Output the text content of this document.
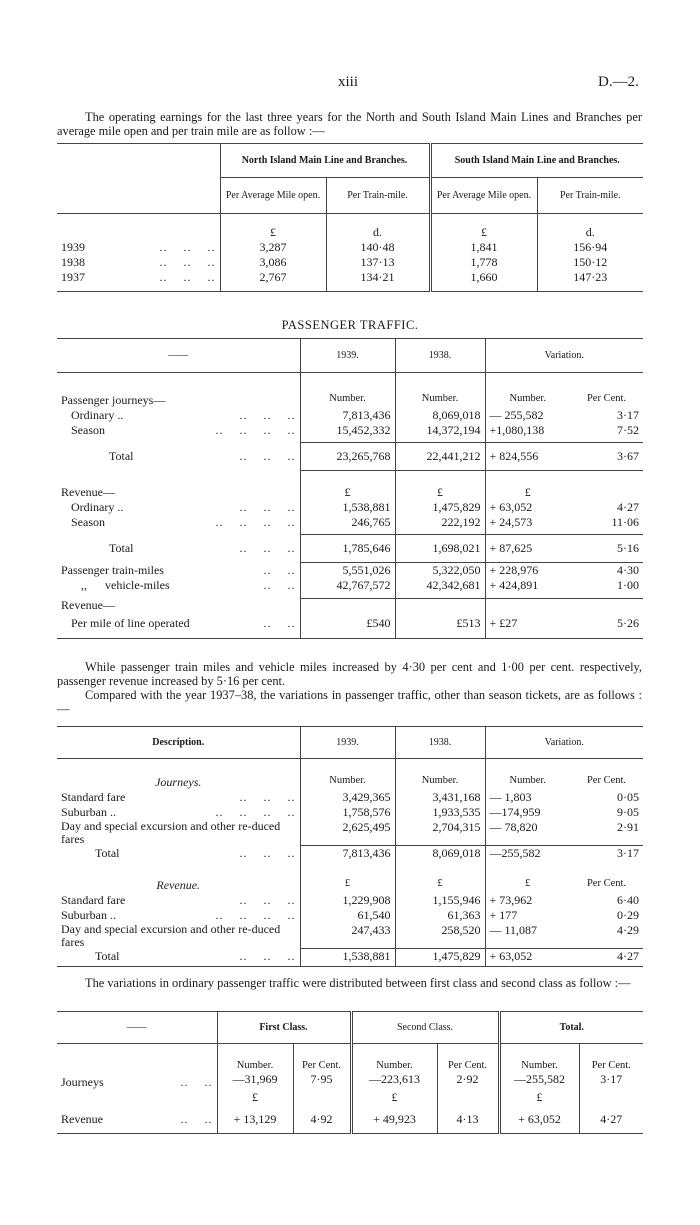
xiii	D.—2.

The operating earnings for the last three years for the North and South Island Main Lines and Branches per average mile open and per train mile are as follow :—

	North Island Main Line and Branches.		South Island Main Line and Branches.	
	Per Average Mile open.	Per Train-mile.	Per Average Mile open.	Per Train-mile.
	£	d.	£	d.
1939 ..    ..    ..	3,287	140·48	1,841	156·94
1938 ..    ..    ..	3,086	137·13	1,778	150·12
1937 ..    ..    ..	2,767	134·21	1,660	147·23
PASSENGER TRAFFIC.
——	1939.	1938.	Variation.	

Passenger journeys—	Number.	Number.	Number.	Per Cent.
Ordinary .. ..    ..    ..	7,813,436	8,069,018	— 255,582	3·17
Season ..    ..    ..    ..	15,452,332	14,372,194	+1,080,138	7·52
Total ..    ..    ..	23,265,768	22,441,212	+ 824,556	3·67

Revenue—	£	£	£	
Ordinary .. ..    ..    ..	1,538,881	1,475,829	+ 63,052	4·27
Season ..    ..    ..    ..	246,765	222,192	+ 24,573	11·06
Total ..    ..    ..	1,785,646	1,698,021	+ 87,625	5·16
Passenger train-miles ..    ..	5,551,026	5,322,050	+ 228,976	4·30
,,      vehicle-miles ..    ..	42,767,572	42,342,681	+ 424,891	1·00
Revenue—				
Per mile of line operated ..    ..	£540	£513	+ £27	5·26

While passenger train miles and vehicle miles increased by 4·30 per cent and 1·00 per cent. respectively, passenger revenue increased by 5·16 per cent.

Compared with the year 1937–38, the variations in passenger traffic, other than season tickets, are as follows :—

Description.	1939.	1938.	Variation.	

Journeys.	Number.	Number.	Number.	Per Cent.
Standard fare ..    ..    ..	3,429,365	3,431,168	— 1,803	0·05
Suburban .. ..    ..    ..    ..	1,758,576	1,933,535	—174,959	9·05
Day and special excursion and other re-duced fares	2,625,495	2,704,315	— 78,820	2·91
Total ..    ..    ..	7,813,436	8,069,018	—255,582	3·17

Revenue.	£	£	£	Per Cent.
Standard fare ..    ..    ..	1,229,908	1,155,946	+ 73,962	6·40
Suburban .. ..    ..    ..    ..	61,540	61,363	+ 177	0·29
Day and special excursion and other re-duced fares	247,433	258,520	— 11,087	4·29
Total ..    ..    ..	1,538,881	1,475,829	+ 63,052	4·27

The variations in ordinary passenger traffic were distributed between first class and second class as follow :—

——	First Class.		Second Class.		Total.	

	Number.	Per Cent.	Number.	Per Cent.	Number.	Per Cent.
Journeys ..    ..	—31,969	7·95	—223,613	2·92	—255,582	3·17
	£		£		£	
Revenue ..    ..	+ 13,129	4·92	+ 49,923	4·13	+ 63,052	4·27
